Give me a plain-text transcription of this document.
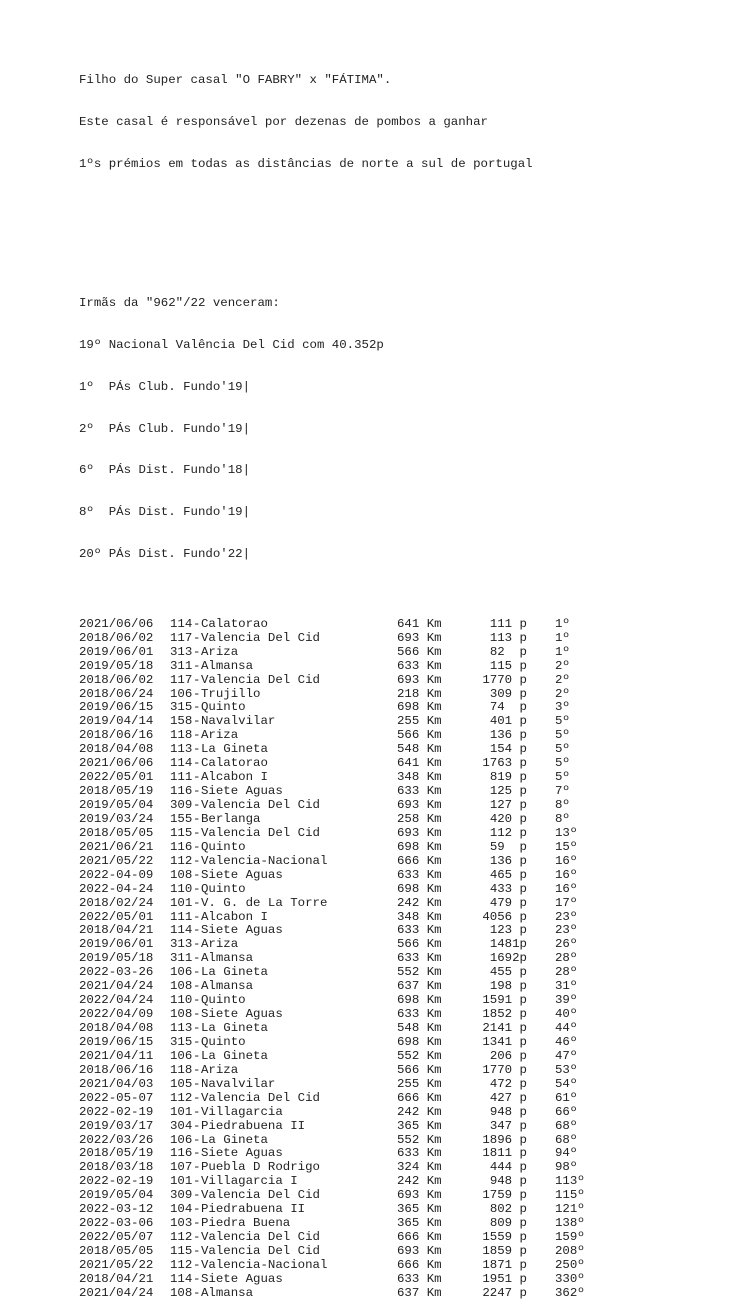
Filho do Super casal "O FABRY" x "FÁTIMA".

Este casal é responsável por dezenas de pombos a ganhar

1ºs prémios em todas as distâncias de norte a sul de portugal

Irmãs da "962"/22 venceram:

19º Nacional Valência Del Cid com 40.352p

1º  PÁs Club. Fundo'19|

2º  PÁs Club. Fundo'19|

6º  PÁs Dist. Fundo'18|

8º  PÁs Dist. Fundo'19|

20º PÁs Dist. Fundo'22|

2021/06/06 114 Calatorao	641 Km	111 p 1º
-
2018/06/02 117 Valencia Del Cid	693 Km	113 p 1º
-
2019/06/01 313 Ariza	566 Km	82  p 1º
-
2019/05/18 311 Almansa	633 Km	115 p 2º
-
2018/06/02 117 Valencia Del Cid	693 Km	1770 p 2º
-
2018/06/24 106 Trujillo	218 Km	309 p 2º
-
2019/06/15 315 Quinto	698 Km	74  p 3º
-
2019/04/14 158 Navalvilar	255 Km	401 p 5º
-
2018/06/16 118 Ariza	566 Km	136 p 5º
-
2018/04/08 113 La Gineta	548 Km	154 p 5º
-
2021/06/06 114 Calatorao	641 Km	1763 p 5º
-
2022/05/01 111 Alcabon I	348 Km	819 p 5º
-
2018/05/19 116 Siete Aguas	633 Km	125 p 7º
-
2019/05/04 309 Valencia Del Cid	693 Km	127 p 8º
-
2019/03/24 155 Berlanga	258 Km	420 p 8º
-
2018/05/05 115 Valencia Del Cid	693 Km	112 p 13º
-
2021/06/21 116 Quinto	698 Km	59  p 15º
-
2021/05/22 112 Valencia-Nacional	666 Km	136 p 16º
-
2022-04-09 108 Siete Aguas	633 Km	465 p 16º
-
2022-04-24 110 Quinto	698 Km	433 p 16º
-
2018/02/24 101 V. G. de La Torre	242 Km	479 p 17º
-
2022/05/01 111 Alcabon I	348 Km	4056 p 23º
-
2018/04/21 114 Siete Aguas	633 Km	123 p 23º
-
2019/06/01 313 Ariza	566 Km	1481p 26º
-
2019/05/18 311 Almansa	633 Km	1692p 28º
-
2022-03-26 106 La Gineta	552 Km	455 p 28º
-
2021/04/24 108 Almansa	637 Km	198 p 31º
-
2022/04/24 110 Quinto	698 Km	1591 p 39º
-
2022/04/09 108 Siete Aguas	633 Km	1852 p 40º
-
2018/04/08 113 La Gineta	548 Km	2141 p 44º
-
2019/06/15 315 Quinto	698 Km	1341 p 46º
-
2021/04/11 106 La Gineta	552 Km	206 p 47º
-
2018/06/16 118 Ariza	566 Km	1770 p 53º
-
2021/04/03 105 Navalvilar	255 Km	472 p 54º
-
2022-05-07 112 Valencia Del Cid	666 Km	427 p 61º
-
2022-02-19 101 Villagarcia	242 Km	948 p 66º
-
2019/03/17 304 Piedrabuena II	365 Km	347 p 68º
-
2022/03/26 106 La Gineta	552 Km	1896 p 68º
-
2018/05/19 116 Siete Aguas	633 Km	1811 p 94º
-
2018/03/18 107 Puebla D Rodrigo	324 Km	444 p 98º
-
2022-02-19 101 Villagarcia I	242 Km	948 p 113º
-
2019/05/04 309 Valencia Del Cid	693 Km	1759 p 115º
-
2022-03-12 104 Piedrabuena II	365 Km	802 p 121º
-
2022-03-06 103 Piedra Buena	365 Km	809 p 138º
-
2022/05/07 112 Valencia Del Cid	666 Km	1559 p 159º
-
2018/05/05 115 Valencia Del Cid	693 Km	1859 p 208º
-
2021/05/22 112 Valencia-Nacional	666 Km	1871 p 250º
-
2018/04/21 114 Siete Aguas	633 Km	1951 p 330º
-
2021/04/24 108 Almansa	637 Km	2247 p 362º
-
